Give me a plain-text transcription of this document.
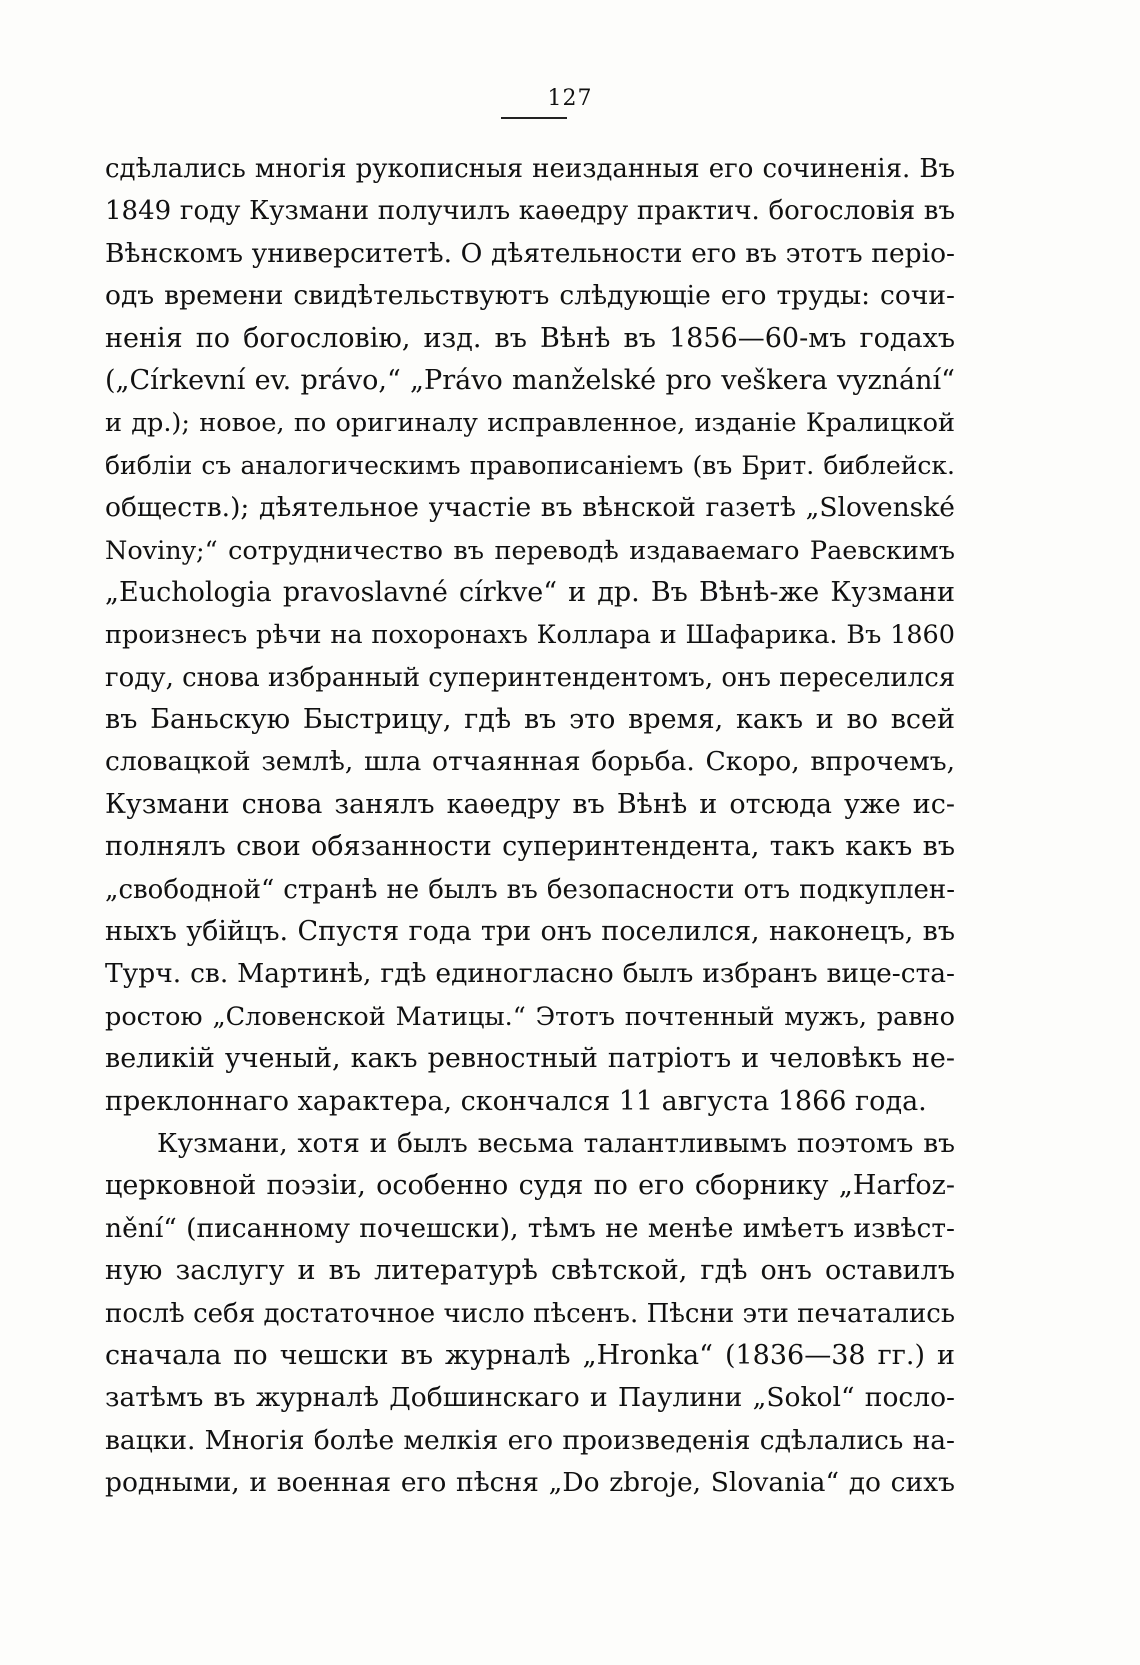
127
сдѣлались многія рукописныя неизданныя его сочиненія. Въ
1849 году Кузмани получилъ каѳедру практич. богословія въ
Вѣнскомъ университетѣ. О дѣятельности его въ этотъ періо-
одъ времени свидѣтельствуютъ слѣдующіе его труды: сочи-
ненія по богословію, изд. въ Вѣнѣ въ 1856—60-мъ годахъ
(„Církevní ev. právo,“ „Právo manželské pro veškera vyznání“
и др.); новое, по оригиналу исправленное, изданіе Кралицкой
библіи съ аналогическимъ правописаніемъ (въ Брит. библейск.
обществ.); дѣятельное участіе въ вѣнской газетѣ „Slovenské
Noviny;“ сотрудничество въ переводѣ издаваемаго Раевскимъ
„Euchologia pravoslavné církve“ и др. Въ Вѣнѣ-же Кузмани
произнесъ рѣчи на похоронахъ Коллара и Шафарика. Въ 1860
году, снова избранный суперинтендентомъ, онъ переселился
въ Баньскую Быстрицу, гдѣ въ это время, какъ и во всей
словацкой землѣ, шла отчаянная борьба. Скоро, впрочемъ,
Кузмани снова занялъ каѳедру въ Вѣнѣ и отсюда уже ис-
полнялъ свои обязанности суперинтендента, такъ какъ въ
„свободной“ странѣ не былъ въ безопасности отъ подкуплен-
ныхъ убійцъ. Спустя года три онъ поселился, наконецъ, въ
Турч. св. Мартинѣ, гдѣ единогласно былъ избранъ вице-ста-
ростою „Словенской Матицы.“ Этотъ почтенный мужъ, равно
великій ученый, какъ ревностный патріотъ и человѣкъ не-
преклоннаго характера, скончался 11 августа 1866 года.
Кузмани, хотя и былъ весьма талантливымъ поэтомъ въ
церковной поэзіи, особенно судя по его сборнику „Harfoz-
nění“ (писанному почешски), тѣмъ не менѣе имѣетъ извѣст-
ную заслугу и въ литературѣ свѣтской, гдѣ онъ оставилъ
послѣ себя достаточное число пѣсенъ. Пѣсни эти печатались
сначала по чешски въ журналѣ „Hronka“ (1836—38 гг.) и
затѣмъ въ журналѣ Добшинскаго и Паулини „Sokol“ посло-
вацки. Многія болѣе мелкія его произведенія сдѣлались на-
родными, и военная его пѣсня „Do zbroje, Slovania“ до сихъ
